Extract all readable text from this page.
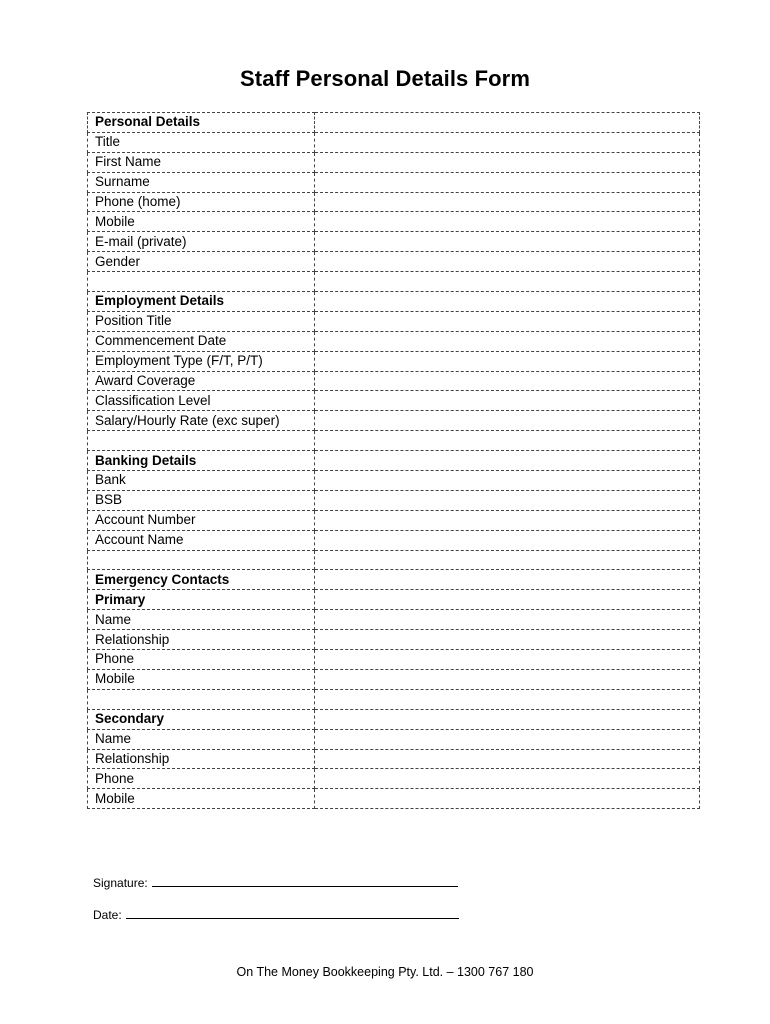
Staff Personal Details Form
Personal Details	
Title	
First Name	
Surname	
Phone (home)	
Mobile	
E-mail (private)	
Gender	

Employment Details	
Position Title	
Commencement Date	
Employment Type (F/T, P/T)	
Award Coverage	
Classification Level	
Salary/Hourly Rate (exc super)	

Banking Details	
Bank	
BSB	
Account Number	
Account Name	

Emergency Contacts	
Primary	
Name	
Relationship	
Phone	
Mobile	

Secondary	
Name	
Relationship	
Phone	
Mobile	
Signature:
Date:
On The Money Bookkeeping Pty. Ltd. – 1300 767 180
